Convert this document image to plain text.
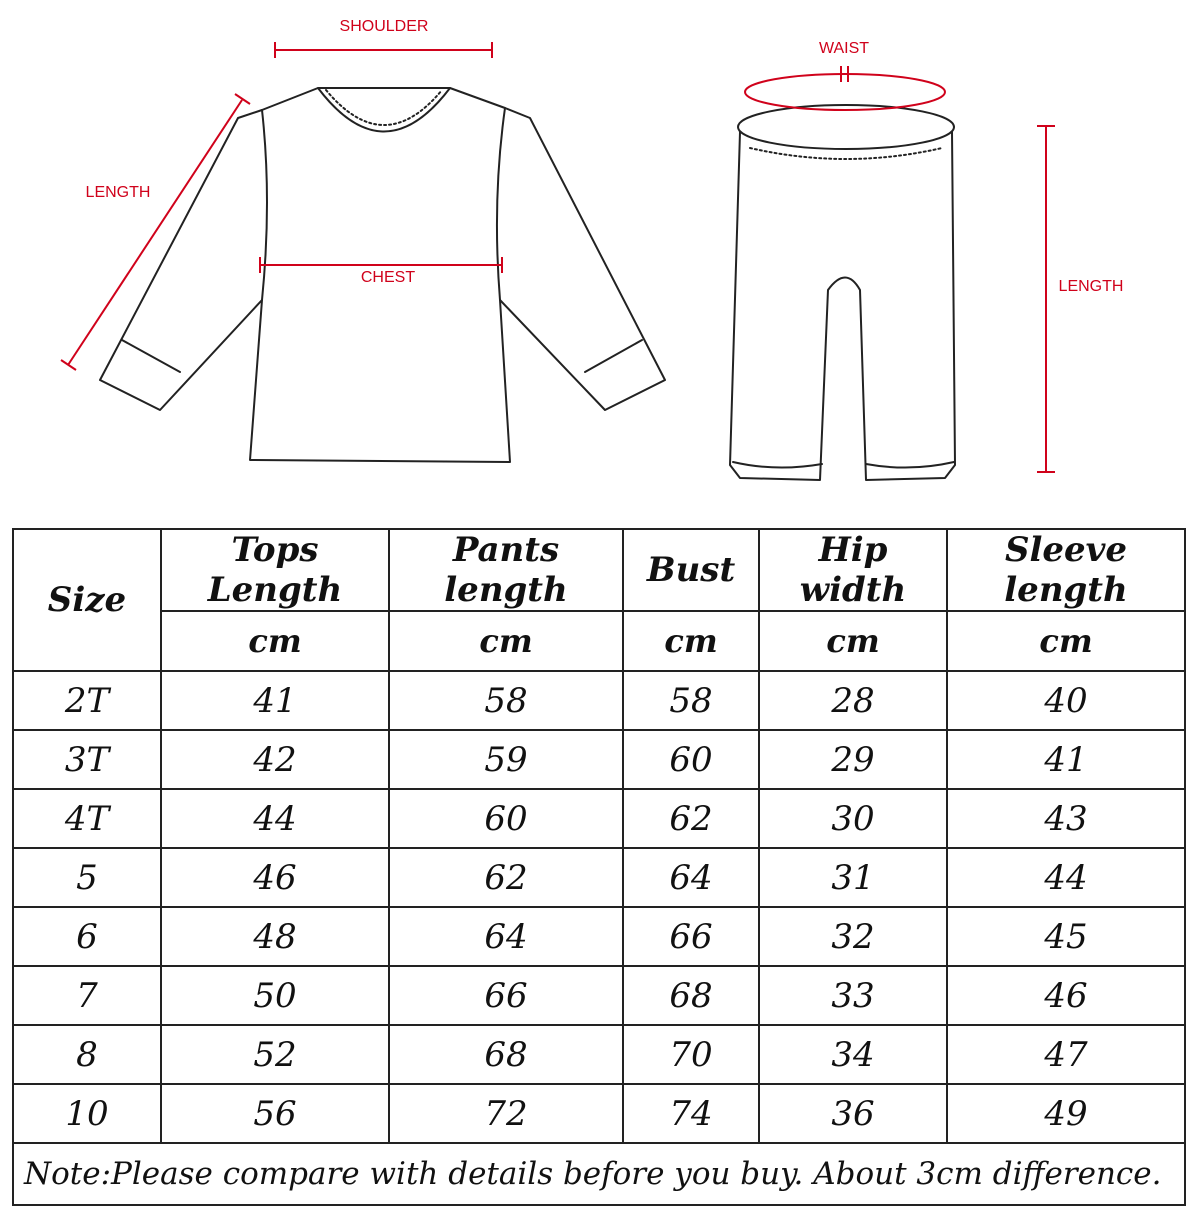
SHOULDER
LENGTH
CHEST
WAIST
LENGTH
Size	Tops Length	Pants length	Bust	Hip width	Sleeve length
	cm	cm	cm	cm	cm
2T	41	58	58	28	40
3T	42	59	60	29	41
4T	44	60	62	30	43
5	46	62	64	31	44
6	48	64	66	32	45
7	50	66	68	33	46
8	52	68	70	34	47
10	56	72	74	36	49
Note:Please compare with details before you buy. About 3cm difference.					
